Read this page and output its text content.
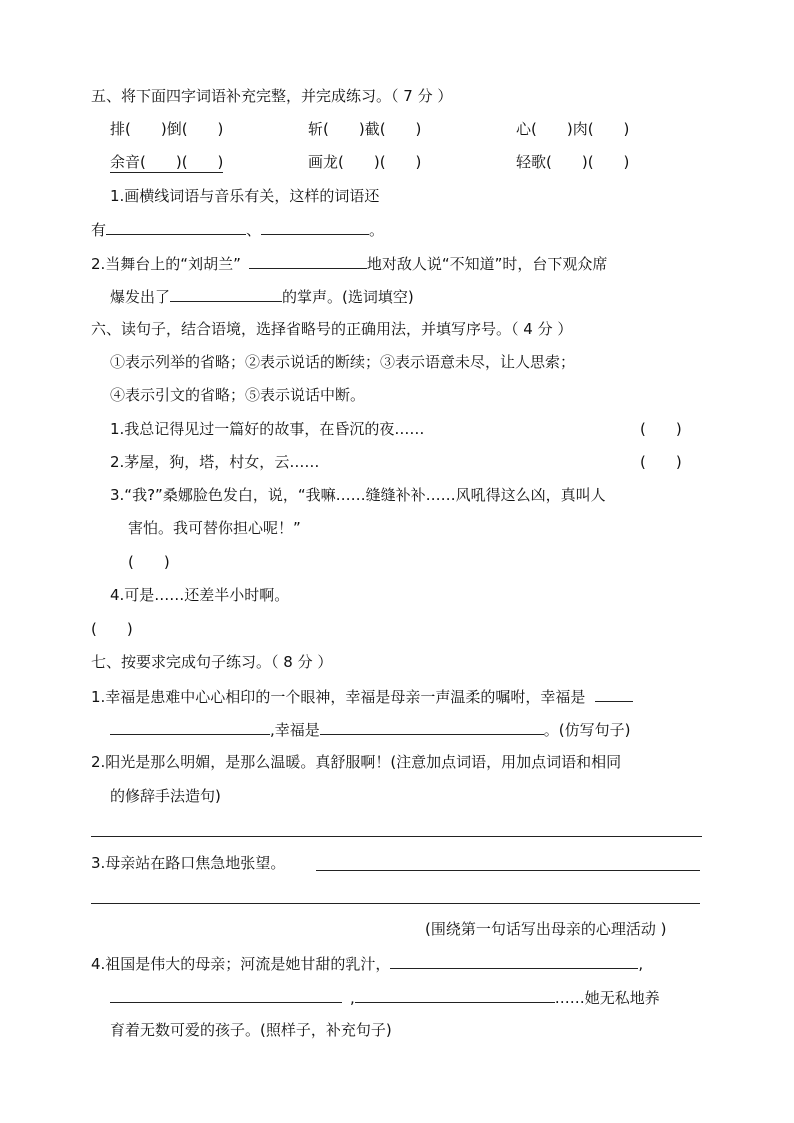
五、将下面四字词语补充完整，并完成练习。（ 7 分 ）
排(　　)倒(　　)	斩(　　)截(　　)	心(　　)肉(　　)
余音(　　)(　　)	画龙(　　)(　　)	轻歌(　　)(　　)
1.画横线词语与音乐有关，这样的词语还
有	、	。
2.当舞台上的“刘胡兰”	地对敌人说“不知道”时，台下观众席
爆发出了	的掌声。(选词填空)
六、读句子，结合语境，选择省略号的正确用法，并填写序号。（ 4 分 ）
①表示列举的省略；②表示说话的断续；③表示语意未尽，让人思索；
④表示引文的省略；⑤表示说话中断。
1.我总记得见过一篇好的故事，在昏沉的夜……	(　　)
2.茅屋，狗，塔，村女，云……	(　　)
3.“我?”桑娜脸色发白，说，“我嘛……缝缝补补……风吼得这么凶，真叫人
害怕。我可替你担心呢！”
(　　)
4.可是……还差半小时啊。
(　　)
七、按要求完成句子练习。（ 8 分 ）
1.幸福是患难中心心相印的一个眼神，幸福是母亲一声温柔的嘱咐，幸福是
,幸福是	。(仿写句子)
2.阳光是那么明媚，是那么温暖。真舒服啊！(注意加点词语，用加点词语和相同
的修辞手法造句)
3.母亲站在路口焦急地张望。
(围绕第一句话写出母亲的心理活动 )
4.祖国是伟大的母亲；河流是她甘甜的乳汁，	,
,	……她无私地养
育着无数可爱的孩子。(照样子，补充句子)
